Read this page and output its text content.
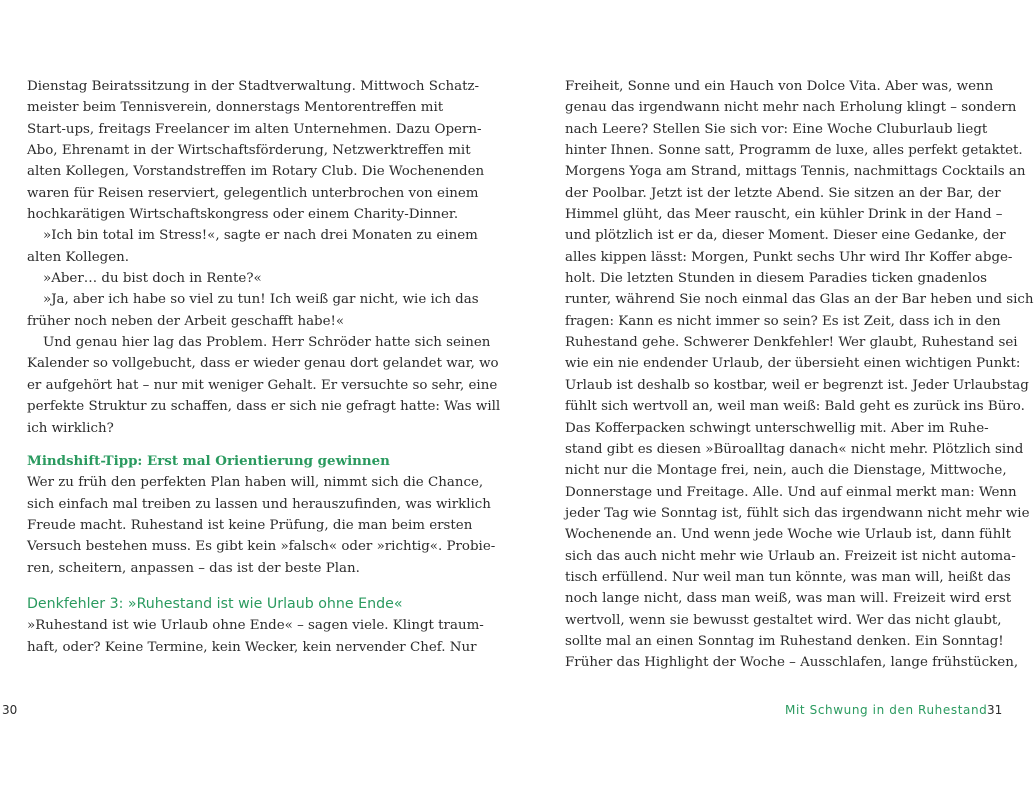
Dienstag Beiratssitzung in der Stadtverwaltung. Mittwoch Schatz-
meister beim Tennisverein, donnerstags Mentorentreffen mit
Start-ups, freitags Freelancer im alten Unternehmen. Dazu Opern-
Abo, Ehrenamt in der Wirtschaftsförderung, Netzwerktreffen mit
alten Kollegen, Vorstandstreffen im Rotary Club. Die Wochenenden
waren für Reisen reserviert, gelegentlich unterbrochen von einem
hochkarätigen Wirtschaftskongress oder einem Charity-Dinner.
»Ich bin total im Stress!«, sagte er nach drei Monaten zu einem
alten Kollegen.
»Aber… du bist doch in Rente?«
»Ja, aber ich habe so viel zu tun! Ich weiß gar nicht, wie ich das
früher noch neben der Arbeit geschafft habe!«
Und genau hier lag das Problem. Herr Schröder hatte sich seinen
Kalender so vollgebucht, dass er wieder genau dort gelandet war, wo
er aufgehört hat – nur mit weniger Gehalt. Er versuchte so sehr, eine
perfekte Struktur zu schaffen, dass er sich nie gefragt hatte: Was will
ich wirklich?
Mindshift-Tipp: Erst mal Orientierung gewinnen
Wer zu früh den perfekten Plan haben will, nimmt sich die Chance,
sich einfach mal treiben zu lassen und herauszufinden, was wirklich
Freude macht. Ruhestand ist keine Prüfung, die man beim ersten
Versuch bestehen muss. Es gibt kein »falsch« oder »richtig«. Probie-
ren, scheitern, anpassen – das ist der beste Plan.
Denkfehler 3: »Ruhestand ist wie Urlaub ohne Ende«
»Ruhestand ist wie Urlaub ohne Ende« – sagen viele. Klingt traum-
haft, oder? Keine Termine, kein Wecker, kein nervender Chef. Nur
Freiheit, Sonne und ein Hauch von Dolce Vita. Aber was, wenn
genau das irgendwann nicht mehr nach Erholung klingt – sondern
nach Leere? Stellen Sie sich vor: Eine Woche Cluburlaub liegt
hinter Ihnen. Sonne satt, Programm de luxe, alles perfekt getaktet.
Morgens Yoga am Strand, mittags Tennis, nachmittags Cocktails an
der Poolbar. Jetzt ist der letzte Abend. Sie sitzen an der Bar, der
Himmel glüht, das Meer rauscht, ein kühler Drink in der Hand –
und plötzlich ist er da, dieser Moment. Dieser eine Gedanke, der
alles kippen lässt: Morgen, Punkt sechs Uhr wird Ihr Koffer abge-
holt. Die letzten Stunden in diesem Paradies ticken gnadenlos
runter, während Sie noch einmal das Glas an der Bar heben und sich
fragen: Kann es nicht immer so sein? Es ist Zeit, dass ich in den
Ruhestand gehe. Schwerer Denkfehler! Wer glaubt, Ruhestand sei
wie ein nie endender Urlaub, der übersieht einen wichtigen Punkt:
Urlaub ist deshalb so kostbar, weil er begrenzt ist. Jeder Urlaubstag
fühlt sich wertvoll an, weil man weiß: Bald geht es zurück ins Büro.
Das Kofferpacken schwingt unterschwellig mit. Aber im Ruhe-
stand gibt es diesen »Büroalltag danach« nicht mehr. Plötzlich sind
nicht nur die Montage frei, nein, auch die Dienstage, Mittwoche,
Donnerstage und Freitage. Alle. Und auf einmal merkt man: Wenn
jeder Tag wie Sonntag ist, fühlt sich das irgendwann nicht mehr wie
Wochenende an. Und wenn jede Woche wie Urlaub ist, dann fühlt
sich das auch nicht mehr wie Urlaub an. Freizeit ist nicht automa-
tisch erfüllend. Nur weil man tun könnte, was man will, heißt das
noch lange nicht, dass man weiß, was man will. Freizeit wird erst
wertvoll, wenn sie bewusst gestaltet wird. Wer das nicht glaubt,
sollte mal an einen Sonntag im Ruhestand denken. Ein Sonntag!
Früher das Highlight der Woche – Ausschlafen, lange frühstücken,
30	Mit Schwung in den Ruhestand 31
